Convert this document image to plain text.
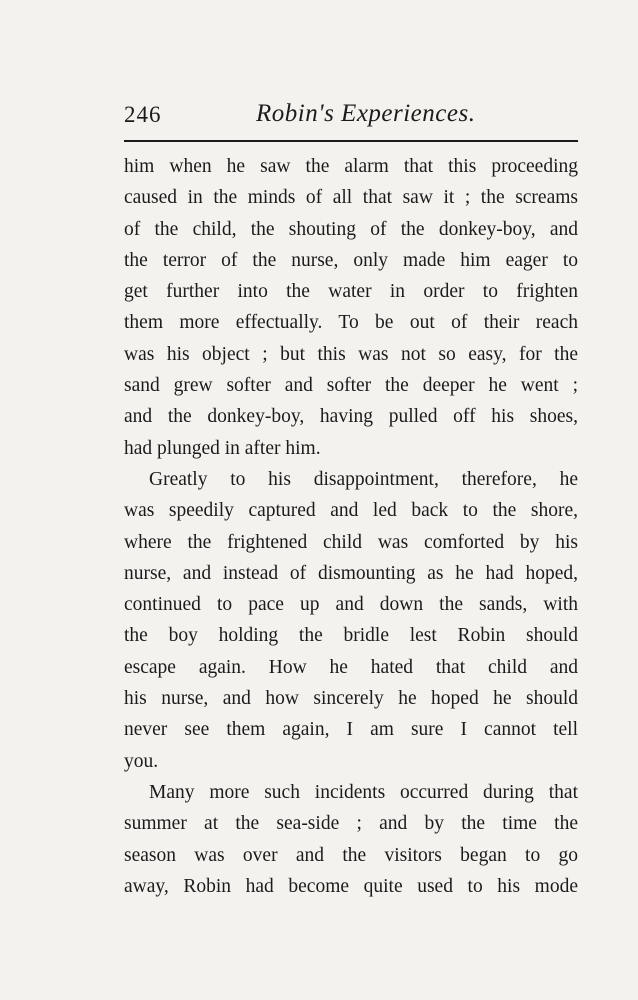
246	Robin's Experiences.
him when he saw the alarm that this proceeding
caused in the minds of all that saw it ; the screams
of the child, the shouting of the donkey-boy, and
the terror of the nurse, only made him eager to
get further into the water in order to frighten
them more effectually. To be out of their reach
was his object ; but this was not so easy, for the
sand grew softer and softer the deeper he went ;
and the donkey-boy, having pulled off his shoes,
had plunged in after him.
Greatly to his disappointment, therefore, he
was speedily captured and led back to the shore,
where the frightened child was comforted by his
nurse, and instead of dismounting as he had hoped,
continued to pace up and down the sands, with
the boy holding the bridle lest Robin should
escape again. How he hated that child and
his nurse, and how sincerely he hoped he should
never see them again, I am sure I cannot tell
you.
Many more such incidents occurred during that
summer at the sea-side ; and by the time the
season was over and the visitors began to go
away, Robin had become quite used to his mode
